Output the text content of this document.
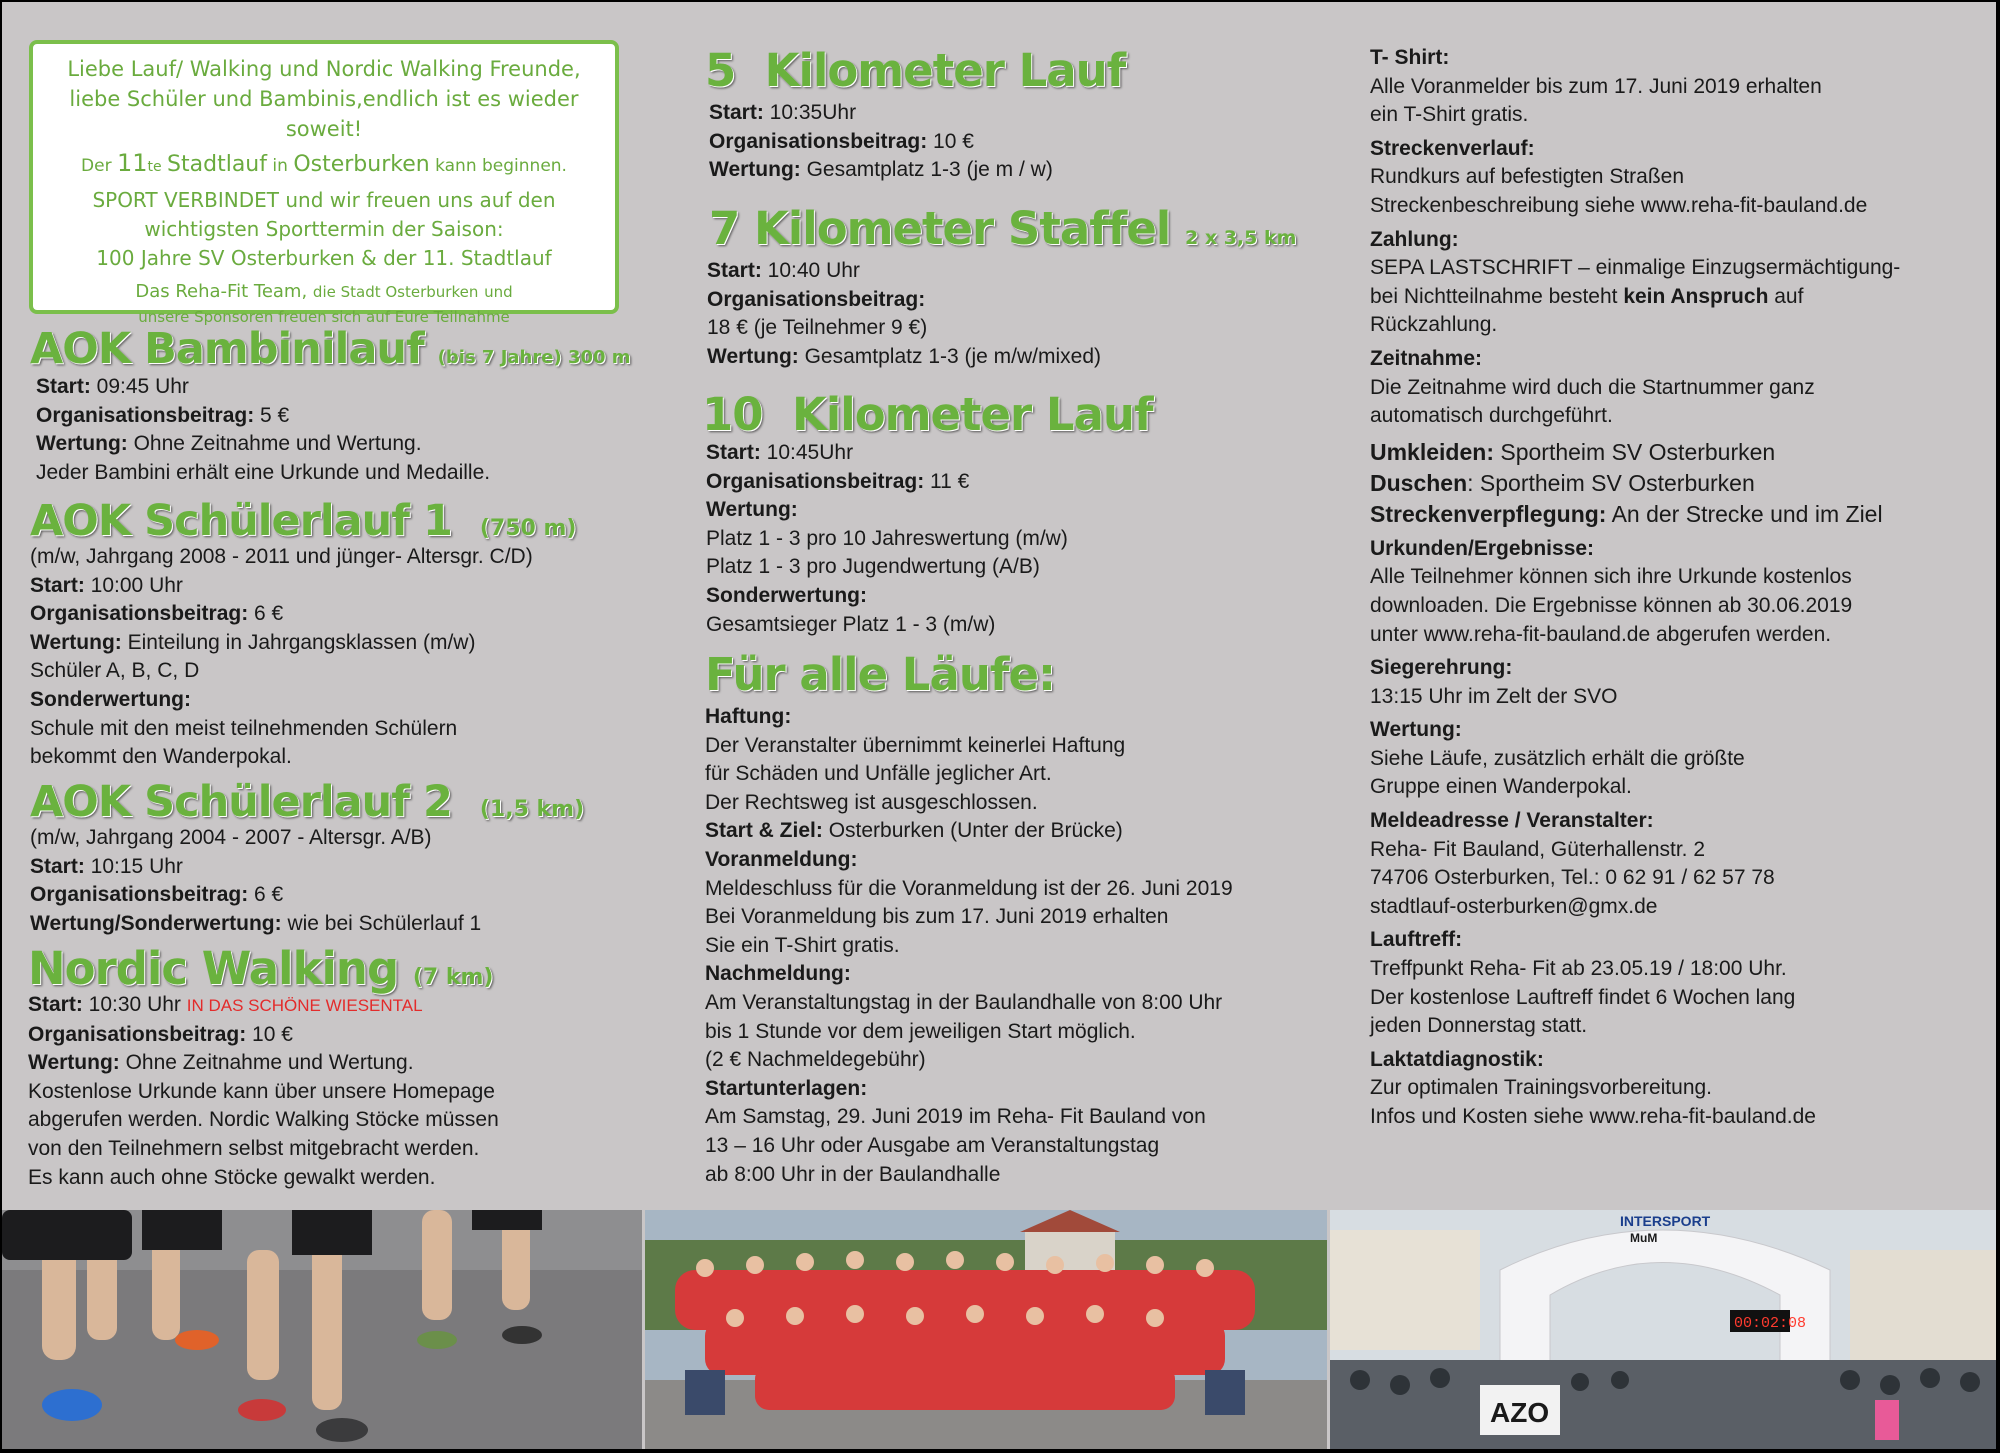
Liebe Lauf/ Walking und Nordic Walking Freunde,

liebe Schüler und Bambinis,endlich ist es wieder soweit!

Der 11te Stadtlauf in Osterburken kann beginnen.

SPORT VERBINDET und wir freuen uns auf den

wichtigsten Sporttermin der Saison:

100 Jahre SV Osterburken & der 11. Stadtlauf

Das Reha-Fit Team, die Stadt Osterburken und

unsere Sponsoren freuen sich auf Eure Teilnahme

AOK Bambinilauf (bis 7 Jahre) 300 m

Start: 09:45 Uhr

Organisationsbeitrag: 5 €

Wertung: Ohne Zeitnahme und Wertung.

Jeder Bambini erhält eine Urkunde und Medaille.

AOK Schülerlauf 1 (750 m)

(m/w, Jahrgang 2008 - 2011 und jünger- Altersgr. C/D)

Start: 10:00 Uhr

Organisationsbeitrag: 6 €

Wertung: Einteilung in Jahrgangsklassen (m/w)

Schüler A, B, C, D

Sonderwertung:

Schule mit den meist teilnehmenden Schülern

bekommt den Wanderpokal.

AOK Schülerlauf 2 (1,5 km)

(m/w, Jahrgang 2004 - 2007 - Altersgr. A/B)

Start: 10:15 Uhr

Organisationsbeitrag: 6 €

Wertung/Sonderwertung: wie bei Schülerlauf 1

Nordic Walking (7 km)

Start: 10:30 Uhr IN DAS SCHÖNE WIESENTAL

Organisationsbeitrag: 10 €

Wertung: Ohne Zeitnahme und Wertung.

Kostenlose Urkunde kann über unsere Homepage

abgerufen werden. Nordic Walking Stöcke müssen

von den Teilnehmern selbst mitgebracht werden.

Es kann auch ohne Stöcke gewalkt werden.

5 Kilometer Lauf

Start: 10:35Uhr

Organisationsbeitrag: 10 €

Wertung: Gesamtplatz 1-3 (je m / w)

7 Kilometer Staffel 2 x 3,5 km

Start: 10:40 Uhr

Organisationsbeitrag:

18 € (je Teilnehmer 9 €)

Wertung: Gesamtplatz 1-3 (je m/w/mixed)

10 Kilometer Lauf

Start: 10:45Uhr

Organisationsbeitrag: 11 €

Wertung:

Platz 1 - 3 pro 10 Jahreswertung (m/w)

Platz 1 - 3 pro Jugendwertung (A/B)

Sonderwertung:

Gesamtsieger Platz 1 - 3 (m/w)

Für alle Läufe:

Haftung:

Der Veranstalter übernimmt keinerlei Haftung

für Schäden und Unfälle jeglicher Art.

Der Rechtsweg ist ausgeschlossen.

Start & Ziel: Osterburken (Unter der Brücke)

Voranmeldung:

Meldeschluss für die Voranmeldung ist der 26. Juni 2019

Bei Voranmeldung bis zum 17. Juni 2019 erhalten

Sie ein T-Shirt gratis.

Nachmeldung:

Am Veranstaltungstag in der Baulandhalle von 8:00 Uhr

bis 1 Stunde vor dem jeweiligen Start möglich.

(2 € Nachmeldegebühr)

Startunterlagen:

Am Samstag, 29. Juni 2019 im Reha- Fit Bauland von

13 – 16 Uhr oder Ausgabe am Veranstaltungstag

ab 8:00 Uhr in der Baulandhalle

T- Shirt:

Alle Voranmelder bis zum 17. Juni 2019 erhalten

ein T-Shirt gratis.

Streckenverlauf:

Rundkurs auf befestigten Straßen

Streckenbeschreibung siehe www.reha-fit-bauland.de

Zahlung:

SEPA LASTSCHRIFT – einmalige Einzugsermächtigung-

bei Nichtteilnahme besteht kein Anspruch auf

Rückzahlung.

Zeitnahme:

Die Zeitnahme wird duch die Startnummer ganz

automatisch durchgeführt.

Umkleiden: Sportheim SV Osterburken

Duschen: Sportheim SV Osterburken

Streckenverpflegung: An der Strecke und im Ziel

Urkunden/Ergebnisse:

Alle Teilnehmer können sich ihre Urkunde kostenlos

downloaden. Die Ergebnisse können ab 30.06.2019

unter www.reha-fit-bauland.de abgerufen werden.

Siegerehrung:

13:15 Uhr im Zelt der SVO

Wertung:

Siehe Läufe, zusätzlich erhält die größte

Gruppe einen Wanderpokal.

Meldeadresse / Veranstalter:

Reha- Fit Bauland, Güterhallenstr. 2

74706 Osterburken, Tel.: 0 62 91 / 62 57 78

stadtlauf-osterburken@gmx.de

Lauftreff:

Treffpunkt Reha- Fit ab 23.05.19 / 18:00 Uhr.

Der kostenlose Lauftreff findet 6 Wochen lang

jeden Donnerstag statt.

Laktatdiagnostik:

Zur optimalen Trainingsvorbereitung.

Infos und Kosten siehe www.reha-fit-bauland.de

00:02:08
INTERSPORT
MuM
AZO
